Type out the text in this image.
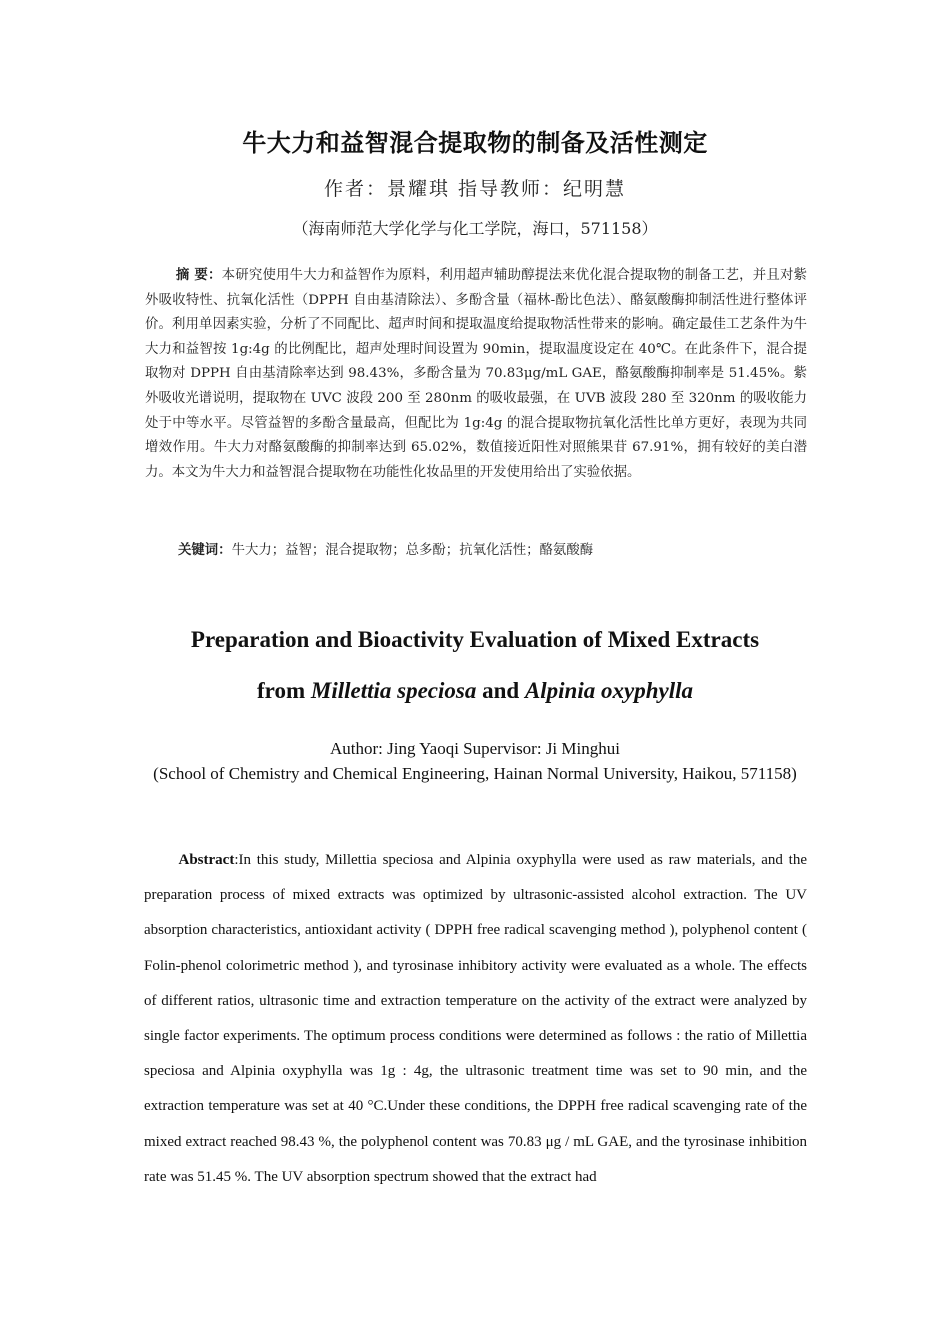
牛大力和益智混合提取物的制备及活性测定
作者：景耀琪 指导教师：纪明慧
（海南师范大学化学与化工学院，海口，571158）
摘 要：本研究使用牛大力和益智作为原料，利用超声辅助醇提法来优化混合提取物的制备工艺，并且对紫外吸收特性、抗氧化活性（DPPH 自由基清除法）、多酚含量（福林-酚比色法）、酪氨酸酶抑制活性进行整体评价。利用单因素实验，分析了不同配比、超声时间和提取温度给提取物活性带来的影响。确定最佳工艺条件为牛大力和益智按 1g:4g 的比例配比，超声处理时间设置为 90min，提取温度设定在 40℃。在此条件下，混合提取物对 DPPH 自由基清除率达到 98.43%，多酚含量为 70.83μg/mL GAE，酪氨酸酶抑制率是 51.45%。紫外吸收光谱说明，提取物在 UVC 波段 200 至 280nm 的吸收最强，在 UVB 波段 280 至 320nm 的吸收能力处于中等水平。尽管益智的多酚含量最高，但配比为 1g:4g 的混合提取物抗氧化活性比单方更好，表现为共同增效作用。牛大力对酪氨酸酶的抑制率达到 65.02%，数值接近阳性对照熊果苷 67.91%，拥有较好的美白潜力。本文为牛大力和益智混合提取物在功能性化妆品里的开发使用给出了实验依据。
关键词：牛大力；益智；混合提取物；总多酚；抗氧化活性；酪氨酸酶
Preparation and Bioactivity Evaluation of Mixed Extracts
from Millettia speciosa and Alpinia oxyphylla
Author: Jing Yaoqi Supervisor: Ji Minghui
(School of Chemistry and Chemical Engineering, Hainan Normal University, Haikou, 571158)
Abstract:In this study, Millettia speciosa and Alpinia oxyphylla were used as raw materials, and the preparation process of mixed extracts was optimized by ultrasonic-assisted alcohol extraction. The UV absorption characteristics, antioxidant activity ( DPPH free radical scavenging method ), polyphenol content ( Folin-phenol colorimetric method ), and tyrosinase inhibitory activity were evaluated as a whole. The effects of different ratios, ultrasonic time and extraction temperature on the activity of the extract were analyzed by single factor experiments. The optimum process conditions were determined as follows : the ratio of Millettia speciosa and Alpinia oxyphylla was 1g : 4g, the ultrasonic treatment time was set to 90 min, and the extraction temperature was set at 40 °C.Under these conditions, the DPPH free radical scavenging rate of the mixed extract reached 98.43 %, the polyphenol content was 70.83 μg / mL GAE, and the tyrosinase inhibition rate was 51.45 %. The UV absorption spectrum showed that the extract had
